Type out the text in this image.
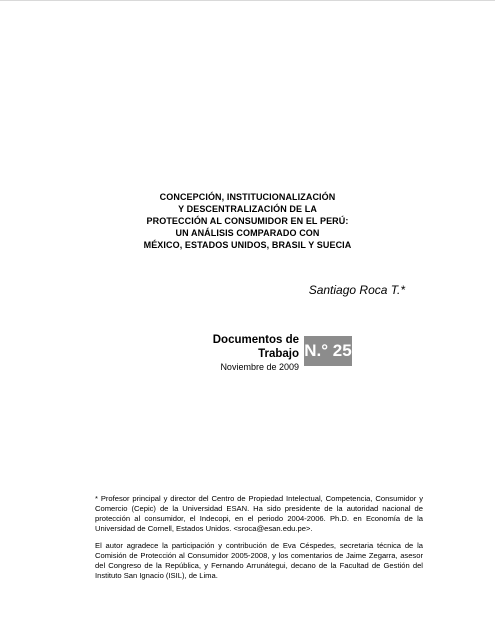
CONCEPCIÓN, INSTITUCIONALIZACIÓN
Y DESCENTRALIZACIÓN DE LA
PROTECCIÓN AL CONSUMIDOR EN EL PERÚ:
UN ANÁLISIS COMPARADO CON
MÉXICO, ESTADOS UNIDOS, BRASIL Y SUECIA
Santiago Roca T.*
Documentos de
Trabajo
Noviembre de 2009
N.° 25

* Profesor principal y director del Centro de Propiedad Intelectual, Competencia, Consumidor y Comercio (Cepic) de la Universidad ESAN. Ha sido presidente de la autoridad nacional de protección al consumidor, el Indecopi, en el periodo 2004-2006. Ph.D. en Economía de la Universidad de Cornell, Estados Unidos. <sroca@esan.edu.pe>.

El autor agradece la participación y contribución de Eva Céspedes, secretaria técnica de la Comisión de Protección al Consumidor 2005-2008, y los comentarios de Jaime Zegarra, asesor del Congreso de la República, y Fernando Arrunátegui, decano de la Facultad de Gestión del Instituto San Ignacio (ISIL), de Lima.
